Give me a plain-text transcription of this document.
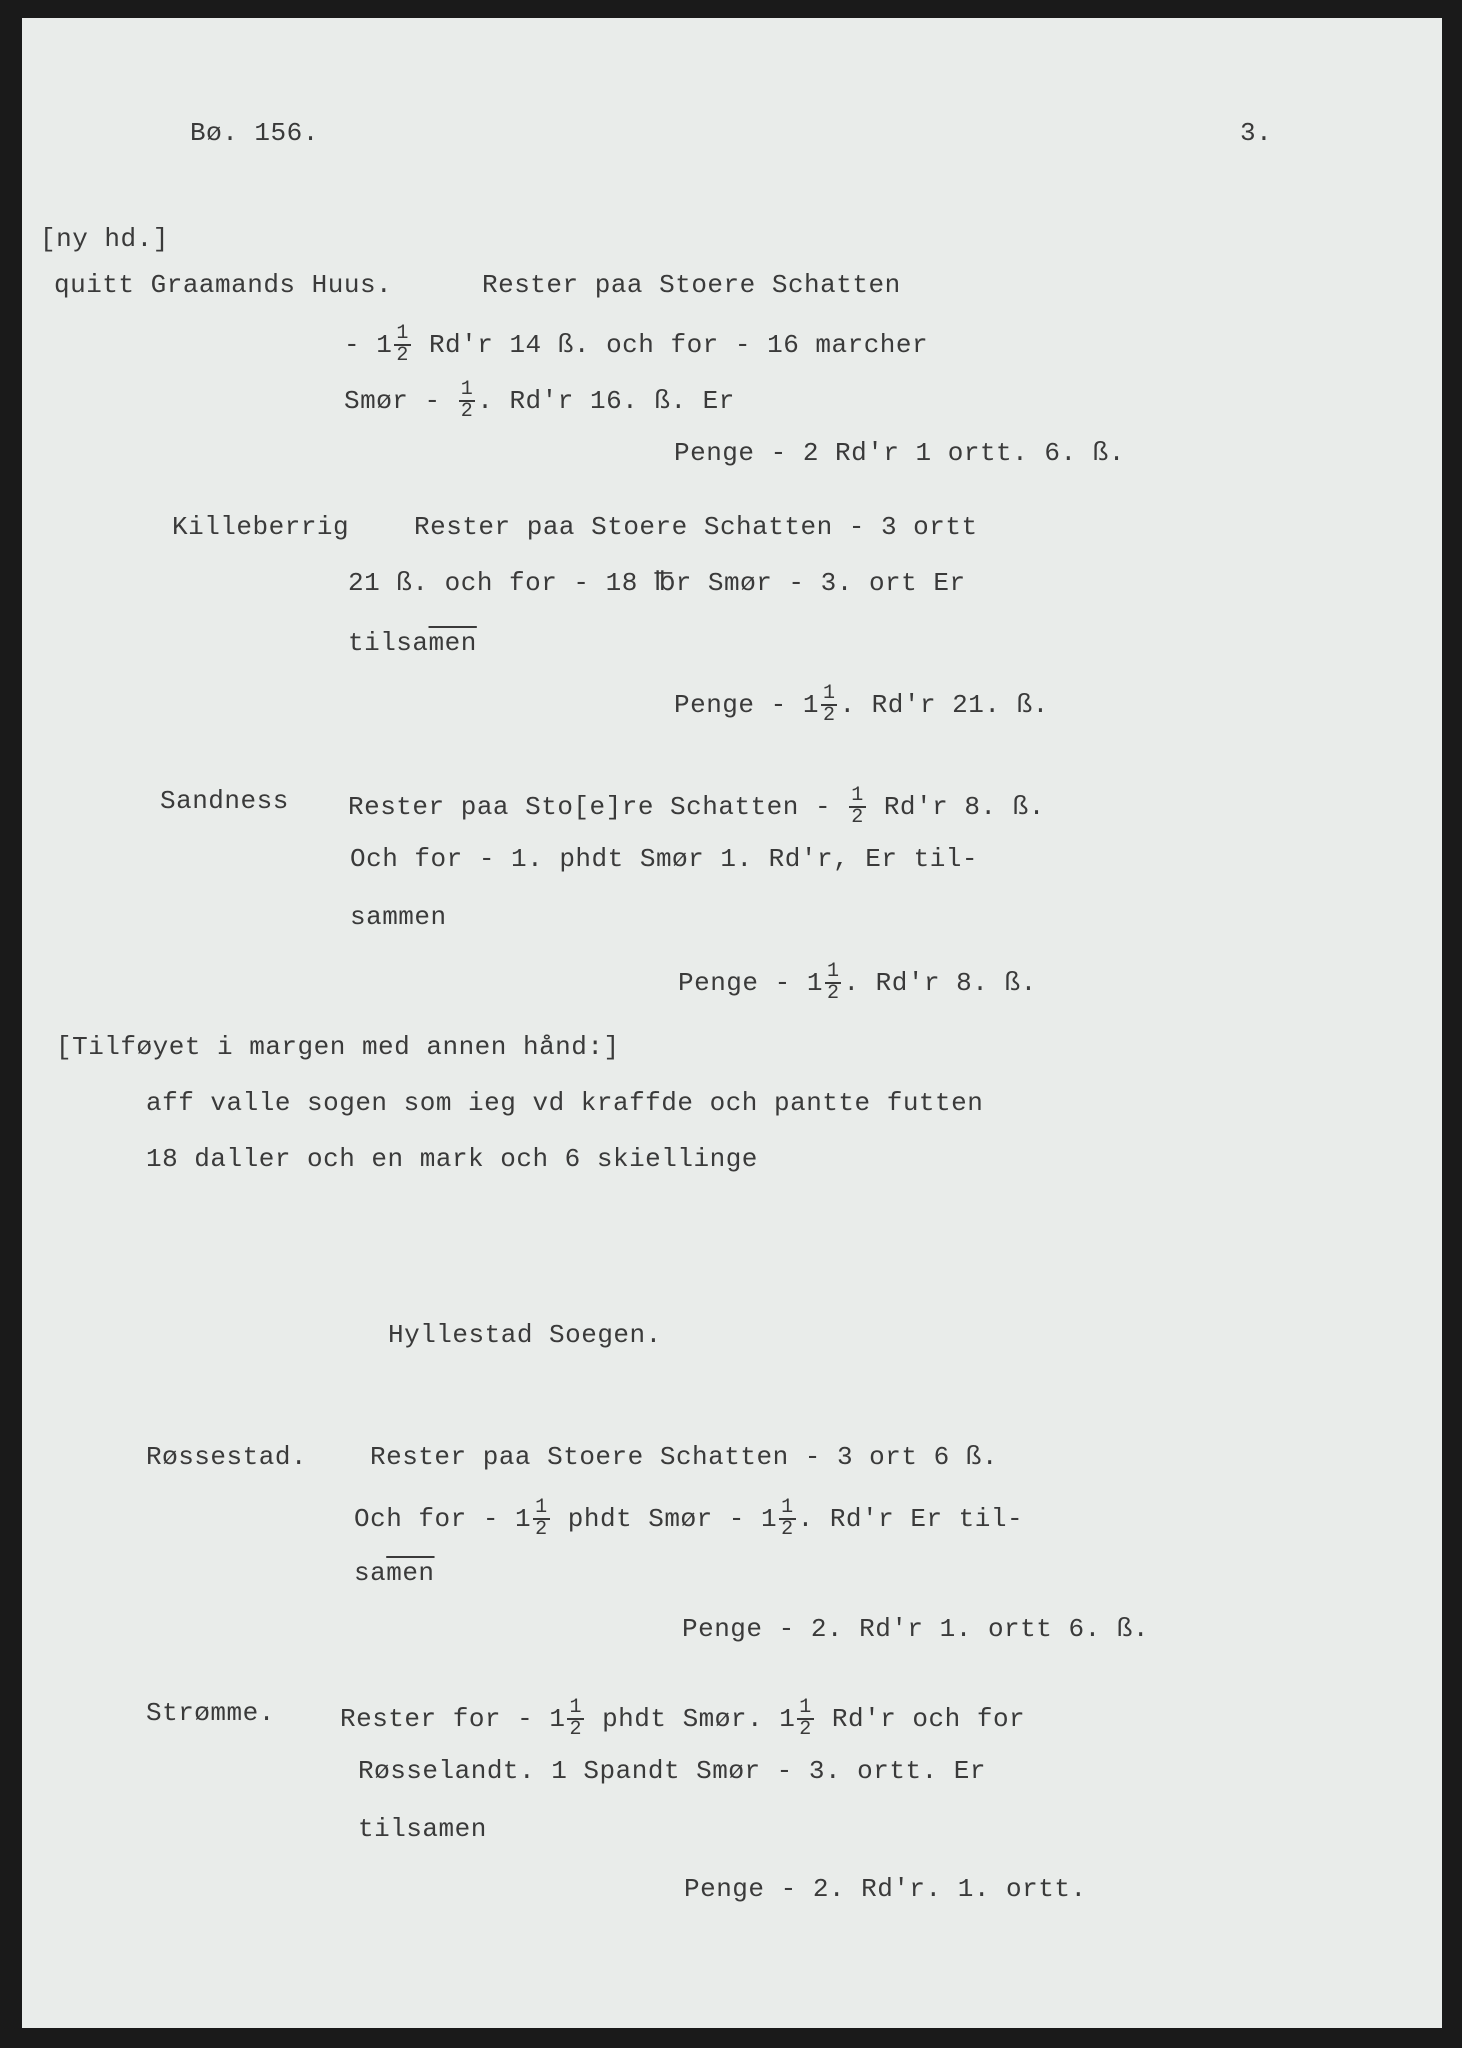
Bø. 156.	3.
[ny hd.]
quitt Graamands Huus.	Rester paa Stoere Schatten
- $1 \frac{1}{2} Rd'r$ 14 ß. och for - 16 marcher
Smør - $\frac{1}{2}$ . Rd'r 16. ß. Er
Penge - 2 Rd'r 1 ortt. 6. ß.
Killeberrig Rester paa Stoere Schatten - 3 ortt
21 ß. och for - 18 ℔r Smør - 3. ort Er
$tilsa\overline{men}$
Penge - $1 \frac{1}{2}$ . Rd'r 21. ß.
Sandness Rester paa Sto[e]re Schatten - $\frac{1}{2} Rd'r$ 8. ß.
Och for - 1. phdt Smør 1. Rd'r, Er til-
sammen
Penge - $1 \frac{1}{2}$ . Rd'r 8. ß.
[Tilføyet i margen med annen hånd:]
aff valle sogen som ieg vd kraffde och pantte futten
18 daller och en mark och 6 skiellinge
Hyllestad Soegen.
Røssestad. Rester paa Stoere Schatten - 3 ort 6 ß.
Och for - $1 \frac{1}{2}$ phdt Smør - $1 \frac{1}{2}$ . Rd'r Er til-
$sa\overline{men}$
Penge - 2. Rd'r 1. ortt 6. ß.
Strømme.	Rester for - $1 \frac{1}{2}$ phdt Smør. $1 \frac{1}{2} Rd'r$ och for
Røsselandt. 1 Spandt Smør - 3. ortt. Er
tilsamen
Penge - 2. Rd'r. 1. ortt.
